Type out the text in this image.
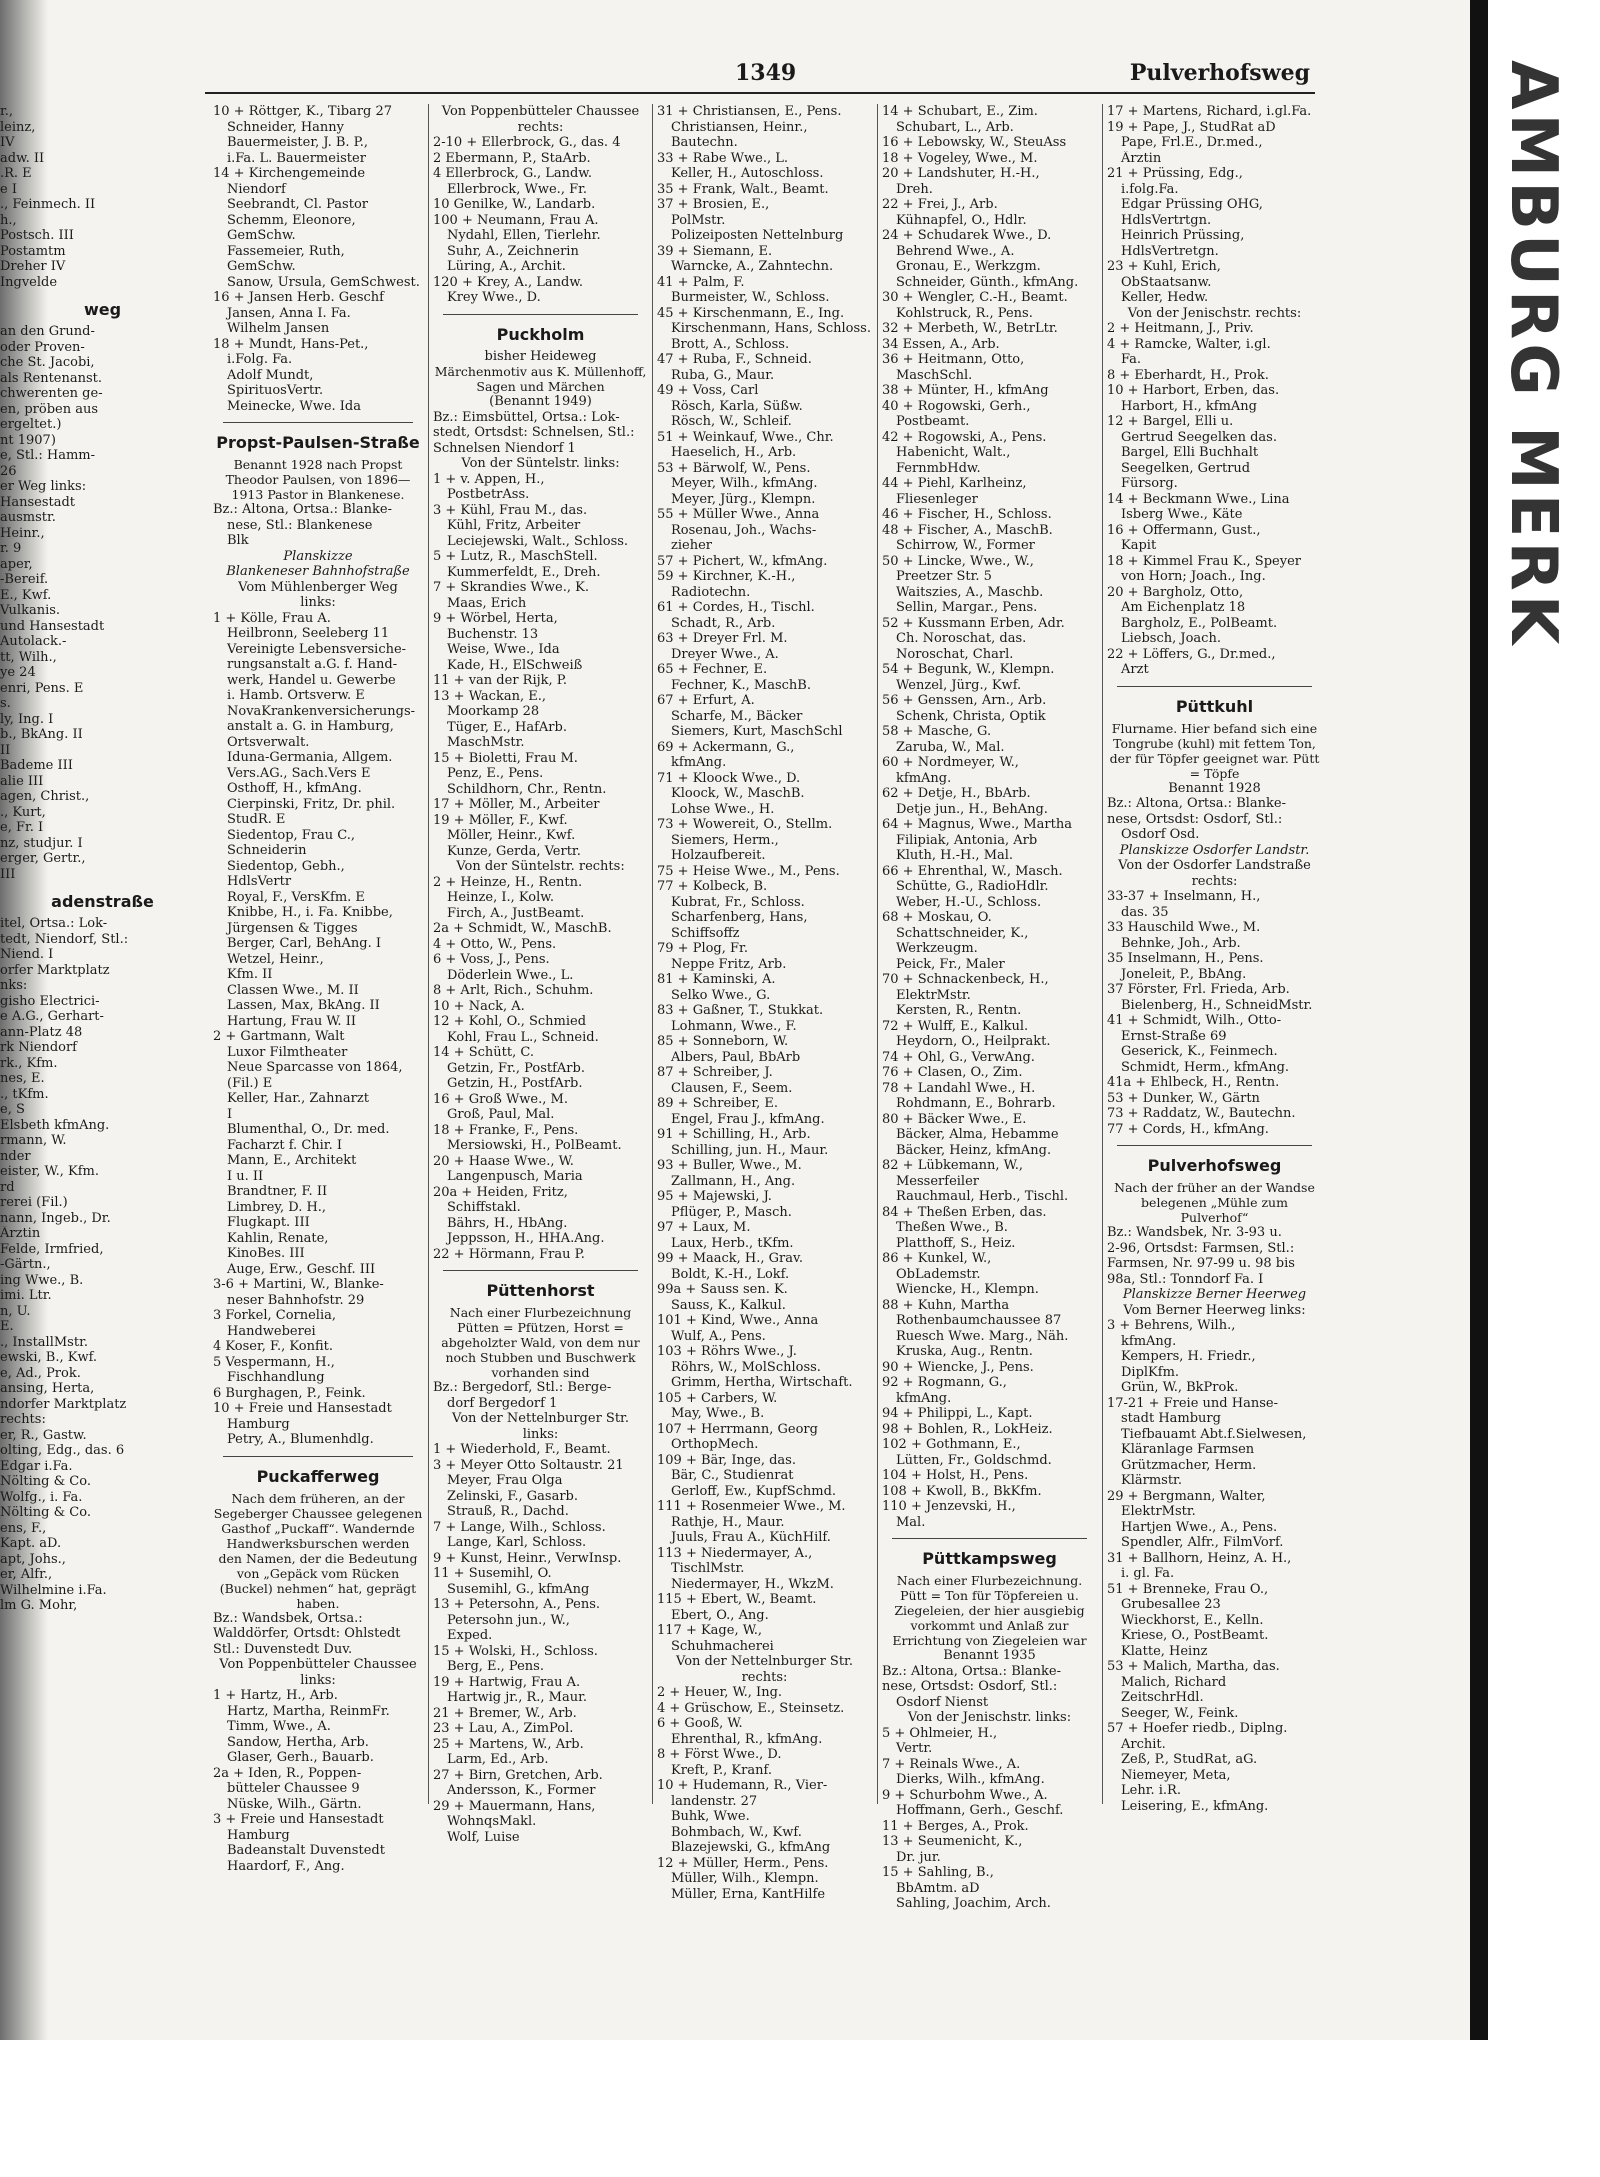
1349	Pulverhofsweg
r.,
leinz,
IV
adw. II
.R. E
e I
., Feinmech. II
h.,
Postsch. III
Postamtm
Dreher IV
Ingvelde
weg
an den Grund-
oder Proven-
che St. Jacobi,
als Rentenanst.
chwerenten ge-
en, pröben aus
ergeltet.)
nt 1907)
e, Stl.: Hamm-
26
er Weg links:
Hansestadt
ausmstr.
Heinr.,
r. 9
aper,
-Bereif.
E., Kwf.
Vulkanis.
und Hansestadt
Autolack.-
tt, Wilh.,
ye 24
enri, Pens. E
s.
ly, Ing. I
b., BkAng. II
II
Bademe III
alie III
agen, Christ.,
., Kurt,
e, Fr. I
nz, studjur. I
erger, Gertr.,
III
adenstraße
itel, Ortsa.: Lok-
tedt, Niendorf, Stl.:
Niend. I
orfer Marktplatz
nks:
gisho Electrici-
e A.G., Gerhart-
ann-Platz 48
rk Niendorf
rk., Kfm.
nes, E.
., tKfm.
e, S
Elsbeth kfmAng.
rmann, W.
nder
eister, W., Kfm.
rd
rerei (Fil.)
nann, Ingeb., Dr.
Ärztin
Felde, Irmfried,
-Gärtn.,
ing Wwe., B.
imi. Ltr.
n, U.
E.
., InstallMstr.
ewski, B., Kwf.
e, Ad., Prok.
ansing, Herta,
ndorfer Marktplatz
rechts:
er, R., Gastw.
olting, Edg., das. 6
Edgar i.Fa.
Nölting & Co.
Wolfg., i. Fa.
Nölting & Co.
ens, F.,
Kapt. aD.
apt, Johs.,
er, Alfr.,
Wilhelmine i.Fa.
lm G. Mohr,
10 + Röttger, K., Tibarg 27
Schneider, Hanny
Bauermeister, J. B. P.,
i.Fa. L. Bauermeister
14 + Kirchengemeinde
Niendorf
Seebrandt, Cl. Pastor
Schemm, Eleonore,
GemSchw.
Fassemeier, Ruth,
GemSchw.
Sanow, Ursula, GemSchwest.
16 + Jansen Herb. Geschf
Jansen, Anna I. Fa.
Wilhelm Jansen
18 + Mundt, Hans-Pet.,
i.Folg. Fa.
Adolf Mundt,
SpirituosVertr.
Meinecke, Wwe. Ida
Propst-Paulsen-Straße
Benannt 1928 nach Propst Theodor Paulsen, von 1896—1913 Pastor in Blankenese.
Bz.: Altona, Ortsa.: Blanke-
nese, Stl.: Blankenese
Blk
Planskizze
Blankeneser Bahnhofstraße
Vom Mühlenberger Weg
links:
1 + Kölle, Frau A.
Heilbronn, Seeleberg 11
Vereinigte Lebensversiche-
rungsanstalt a.G. f. Hand-
werk, Handel u. Gewerbe
i. Hamb. Ortsverw. E
NovaKrankenversicherungs-
anstalt a. G. in Hamburg,
Ortsverwalt.
Iduna-Germania, Allgem.
Vers.AG., Sach.Vers E
Osthoff, H., kfmAng.
Cierpinski, Fritz, Dr. phil.
StudR. E
Siedentop, Frau C.,
Schneiderin
Siedentop, Gebh.,
HdlsVertr
Royal, F., VersKfm. E
Knibbe, H., i. Fa. Knibbe,
Jürgensen & Tigges
Berger, Carl, BehAng. I
Wetzel, Heinr.,
Kfm. II
Classen Wwe., M. II
Lassen, Max, BkAng. II
Hartung, Frau W. II
2 + Gartmann, Walt
Luxor Filmtheater
Neue Sparcasse von 1864,
(Fil.) E
Keller, Har., Zahnarzt
I
Blumenthal, O., Dr. med.
Facharzt f. Chir. I
Mann, E., Architekt
I u. II
Brandtner, F. II
Limbrey, D. H.,
Flugkapt. III
Kahlin, Renate,
KinoBes. III
Auge, Erw., Geschf. III
3-6 + Martini, W., Blanke-
neser Bahnhofstr. 29
3 Forkel, Cornelia,
Handweberei
4 Koser, F., Konfit.
5 Vespermann, H.,
Fischhandlung
6 Burghagen, P., Feink.
10 + Freie und Hansestadt
Hamburg
Petry, A., Blumenhdlg.
Puckafferweg
Nach dem früheren, an der Segeberger Chaussee gelegenen Gasthof „Puckaff“. Wandernde Handwerksburschen werden den Namen, der die Bedeutung von „Gepäck vom Rücken (Buckel) nehmen“ hat, geprägt haben.
Bz.: Wandsbek, Ortsa.:
Walddörfer, Ortsdt: Ohlstedt
Stl.: Duvenstedt Duv.
Von Poppenbütteler Chaussee
links:
1 + Hartz, H., Arb.
Hartz, Martha, ReinmFr.
Timm, Wwe., A.
Sandow, Hertha, Arb.
Glaser, Gerh., Bauarb.
2a + Iden, R., Poppen-
bütteler Chaussee 9
Nüske, Wilh., Gärtn.
3 + Freie und Hansestadt
Hamburg
Badeanstalt Duvenstedt
Haardorf, F., Ang.
Von Poppenbütteler Chaussee
rechts:
2-10 + Ellerbrock, G., das. 4
2 Ebermann, P., StaArb.
4 Ellerbrock, G., Landw.
Ellerbrock, Wwe., Fr.
10 Genilke, W., Landarb.
100 + Neumann, Frau A.
Nydahl, Ellen, Tierlehr.
Suhr, A., Zeichnerin
Lüring, A., Archit.
120 + Krey, A., Landw.
Krey Wwe., D.
Puckholm
bisher Heideweg
Märchenmotiv aus K. Müllenhoff, Sagen und Märchen
(Benannt 1949)
Bz.: Eimsbüttel, Ortsa.: Lok-
stedt, Ortsdst: Schnelsen, Stl.:
Schnelsen Niendorf 1
Von der Süntelstr. links:
1 + v. Appen, H.,
PostbetrAss.
3 + Kühl, Frau M., das.
Kühl, Fritz, Arbeiter
Leciejewski, Walt., Schloss.
5 + Lutz, R., MaschStell.
Kummerfeldt, E., Dreh.
7 + Skrandies Wwe., K.
Maas, Erich
9 + Wörbel, Herta,
Buchenstr. 13
Weise, Wwe., Ida
Kade, H., ElSchweiß
11 + van der Rijk, P.
13 + Wackan, E.,
Moorkamp 28
Tüger, E., HafArb.
MaschMstr.
15 + Bioletti, Frau M.
Penz, E., Pens.
Schildhorn, Chr., Rentn.
17 + Möller, M., Arbeiter
19 + Möller, F., Kwf.
Möller, Heinr., Kwf.
Kunze, Gerda, Vertr.
Von der Süntelstr. rechts:
2 + Heinze, H., Rentn.
Heinze, I., Kolw.
Firch, A., JustBeamt.
2a + Schmidt, W., MaschB.
4 + Otto, W., Pens.
6 + Voss, J., Pens.
Döderlein Wwe., L.
8 + Arlt, Rich., Schuhm.
10 + Nack, A.
12 + Kohl, O., Schmied
Kohl, Frau L., Schneid.
14 + Schütt, C.
Getzin, Fr., PostfArb.
Getzin, H., PostfArb.
16 + Groß Wwe., M.
Groß, Paul, Mal.
18 + Franke, F., Pens.
Mersiowski, H., PolBeamt.
20 + Haase Wwe., W.
Langenpusch, Maria
20a + Heiden, Fritz,
Schiffstakl.
Bährs, H., HbAng.
Jeppsson, H., HHA.Ang.
22 + Hörmann, Frau P.
Püttenhorst
Nach einer Flurbezeichnung Pütten = Pfützen, Horst = abgeholzter Wald, von dem nur noch Stubben und Buschwerk vorhanden sind
Bz.: Bergedorf, Stl.: Berge-
dorf Bergedorf 1
Von der Nettelnburger Str.
links:
1 + Wiederhold, F., Beamt.
3 + Meyer Otto Soltaustr. 21
Meyer, Frau Olga
Zelinski, F., Gasarb.
Strauß, R., Dachd.
7 + Lange, Wilh., Schloss.
Lange, Karl, Schloss.
9 + Kunst, Heinr., VerwInsp.
11 + Susemihl, O.
Susemihl, G., kfmAng
13 + Petersohn, A., Pens.
Petersohn jun., W.,
Exped.
15 + Wolski, H., Schloss.
Berg, E., Pens.
19 + Hartwig, Frau A.
Hartwig jr., R., Maur.
21 + Bremer, W., Arb.
23 + Lau, A., ZimPol.
25 + Martens, W., Arb.
Larm, Ed., Arb.
27 + Birn, Gretchen, Arb.
Andersson, K., Former
29 + Mauermann, Hans,
WohnqsMakl.
Wolf, Luise
31 + Christiansen, E., Pens.
Christiansen, Heinr.,
Bautechn.
33 + Rabe Wwe., L.
Keller, H., Autoschloss.
35 + Frank, Walt., Beamt.
37 + Brosien, E.,
PolMstr.
Polizeiposten Nettelnburg
39 + Siemann, E.
Warncke, A., Zahntechn.
41 + Palm, F.
Burmeister, W., Schloss.
45 + Kirschenmann, E., Ing.
Kirschenmann, Hans, Schloss.
Brott, A., Schloss.
47 + Ruba, F., Schneid.
Ruba, G., Maur.
49 + Voss, Carl
Rösch, Karla, Süßw.
Rösch, W., Schleif.
51 + Weinkauf, Wwe., Chr.
Haeselich, H., Arb.
53 + Bärwolf, W., Pens.
Meyer, Wilh., kfmAng.
Meyer, Jürg., Klempn.
55 + Müller Wwe., Anna
Rosenau, Joh., Wachs-
zieher
57 + Pichert, W., kfmAng.
59 + Kirchner, K.-H.,
Radiotechn.
61 + Cordes, H., Tischl.
Schadt, R., Arb.
63 + Dreyer Frl. M.
Dreyer Wwe., A.
65 + Fechner, E.
Fechner, K., MaschB.
67 + Erfurt, A.
Scharfe, M., Bäcker
Siemers, Kurt, MaschSchl
69 + Ackermann, G.,
kfmAng.
71 + Kloock Wwe., D.
Kloock, W., MaschB.
Lohse Wwe., H.
73 + Wowereit, O., Stellm.
Siemers, Herm.,
Holzaufbereit.
75 + Heise Wwe., M., Pens.
77 + Kolbeck, B.
Kubrat, Fr., Schloss.
Scharfenberg, Hans,
Schiffsoffz
79 + Plog, Fr.
Neppe Fritz, Arb.
81 + Kaminski, A.
Selko Wwe., G.
83 + Gaßner, T., Stukkat.
Lohmann, Wwe., F.
85 + Sonneborn, W.
Albers, Paul, BbArb
87 + Schreiber, J.
Clausen, F., Seem.
89 + Schreiber, E.
Engel, Frau J., kfmAng.
91 + Schilling, H., Arb.
Schilling, jun. H., Maur.
93 + Buller, Wwe., M.
Zallmann, H., Ang.
95 + Majewski, J.
Pflüger, P., Masch.
97 + Laux, M.
Laux, Herb., tKfm.
99 + Maack, H., Grav.
Boldt, K.-H., Lokf.
99a + Sauss sen. K.
Sauss, K., Kalkul.
101 + Kind, Wwe., Anna
Wulf, A., Pens.
103 + Röhrs Wwe., J.
Röhrs, W., MolSchloss.
Grimm, Hertha, Wirtschaft.
105 + Carbers, W.
May, Wwe., B.
107 + Herrmann, Georg
OrthopMech.
109 + Bär, Inge, das.
Bär, C., Studienrat
Gerloff, Ew., KupfSchmd.
111 + Rosenmeier Wwe., M.
Rathje, H., Maur.
Juuls, Frau A., KüchHilf.
113 + Niedermayer, A.,
TischlMstr.
Niedermayer, H., WkzM.
115 + Ebert, W., Beamt.
Ebert, O., Ang.
117 + Kage, W.,
Schuhmacherei
Von der Nettelnburger Str.
rechts:
2 + Heuer, W., Ing.
4 + Grüschow, E., Steinsetz.
6 + Gooß, W.
Ehrenthal, R., kfmAng.
8 + Först Wwe., D.
Kreft, P., Kranf.
10 + Hudemann, R., Vier-
landenstr. 27
Buhk, Wwe.
Bohmbach, W., Kwf.
Blazejewski, G., kfmAng
12 + Müller, Herm., Pens.
Müller, Wilh., Klempn.
Müller, Erna, KantHilfe
14 + Schubart, E., Zim.
Schubart, L., Arb.
16 + Lebowsky, W., SteuAss
18 + Vogeley, Wwe., M.
20 + Landshuter, H.-H.,
Dreh.
22 + Frei, J., Arb.
Kühnapfel, O., Hdlr.
24 + Schudarek Wwe., D.
Behrend Wwe., A.
Gronau, E., Werkzgm.
Schneider, Günth., kfmAng.
30 + Wengler, C.-H., Beamt.
Kohlstruck, R., Pens.
32 + Merbeth, W., BetrLtr.
34 Essen, A., Arb.
36 + Heitmann, Otto,
MaschSchl.
38 + Münter, H., kfmAng
40 + Rogowski, Gerh.,
Postbeamt.
42 + Rogowski, A., Pens.
Habenicht, Walt.,
FernmbHdw.
44 + Piehl, Karlheinz,
Fliesenleger
46 + Fischer, H., Schloss.
48 + Fischer, A., MaschB.
Schirrow, W., Former
50 + Lincke, Wwe., W.,
Preetzer Str. 5
Waitszies, A., Maschb.
Sellin, Margar., Pens.
52 + Kussmann Erben, Adr.
Ch. Noroschat, das.
Noroschat, Charl.
54 + Begunk, W., Klempn.
Wenzel, Jürg., Kwf.
56 + Genssen, Arn., Arb.
Schenk, Christa, Optik
58 + Masche, G.
Zaruba, W., Mal.
60 + Nordmeyer, W.,
kfmAng.
62 + Detje, H., BbArb.
Detje jun., H., BehAng.
64 + Magnus, Wwe., Martha
Filipiak, Antonia, Arb
Kluth, H.-H., Mal.
66 + Ehrenthal, W., Masch.
Schütte, G., RadioHdlr.
Weber, H.-U., Schloss.
68 + Moskau, O.
Schattschneider, K.,
Werkzeugm.
Peick, Fr., Maler
70 + Schnackenbeck, H.,
ElektrMstr.
Kersten, R., Rentn.
72 + Wulff, E., Kalkul.
Heydorn, O., Heilprakt.
74 + Ohl, G., VerwAng.
76 + Clasen, O., Zim.
78 + Landahl Wwe., H.
Rohdmann, E., Bohrarb.
80 + Bäcker Wwe., E.
Bäcker, Alma, Hebamme
Bäcker, Heinz, kfmAng.
82 + Lübkemann, W.,
Messerfeiler
Rauchmaul, Herb., Tischl.
84 + Theßen Erben, das.
Theßen Wwe., B.
Platthoff, S., Heiz.
86 + Kunkel, W.,
ObLademstr.
Wiencke, H., Klempn.
88 + Kuhn, Martha
Rothenbaumchaussee 87
Ruesch Wwe. Marg., Näh.
Kruska, Aug., Rentn.
90 + Wiencke, J., Pens.
92 + Rogmann, G.,
kfmAng.
94 + Philippi, L., Kapt.
98 + Bohlen, R., LokHeiz.
102 + Gothmann, E.,
Lütten, Fr., Goldschmd.
104 + Holst, H., Pens.
108 + Kwoll, B., BkKfm.
110 + Jenzevski, H.,
Mal.
Püttkampsweg
Nach einer Flurbezeichnung. Pütt = Ton für Töpfereien u. Ziegeleien, der hier ausgiebig vorkommt und Anlaß zur Errichtung von Ziegeleien war
Benannt 1935
Bz.: Altona, Ortsa.: Blanke-
nese, Ortsdst: Osdorf, Stl.:
Osdorf Nienst
Von der Jenischstr. links:
5 + Ohlmeier, H.,
Vertr.
7 + Reinals Wwe., A.
Dierks, Wilh., kfmAng.
9 + Schurbohm Wwe., A.
Hoffmann, Gerh., Geschf.
11 + Berges, A., Prok.
13 + Seumenicht, K.,
Dr. jur.
15 + Sahling, B.,
BbAmtm. aD
Sahling, Joachim, Arch.
17 + Martens, Richard, i.gl.Fa.
19 + Pape, J., StudRat aD
Pape, Frl.E., Dr.med.,
Ärztin
21 + Prüssing, Edg.,
i.folg.Fa.
Edgar Prüssing OHG,
HdlsVertrtgn.
Heinrich Prüssing,
HdlsVertretgn.
23 + Kuhl, Erich,
ObStaatsanw.
Keller, Hedw.
Von der Jenischstr. rechts:
2 + Heitmann, J., Priv.
4 + Ramcke, Walter, i.gl.
Fa.
8 + Eberhardt, H., Prok.
10 + Harbort, Erben, das.
Harbort, H., kfmAng
12 + Bargel, Elli u.
Gertrud Seegelken das.
Bargel, Elli Buchhalt
Seegelken, Gertrud
Fürsorg.
14 + Beckmann Wwe., Lina
Isberg Wwe., Käte
16 + Offermann, Gust.,
Kapit
18 + Kimmel Frau K., Speyer
von Horn; Joach., Ing.
20 + Bargholz, Otto,
Am Eichenplatz 18
Bargholz, E., PolBeamt.
Liebsch, Joach.
22 + Löffers, G., Dr.med.,
Arzt
Püttkuhl
Flurname. Hier befand sich eine Tongrube (kuhl) mit fettem Ton, der für Töpfer geeignet war. Pütt = Töpfe
Benannt 1928
Bz.: Altona, Ortsa.: Blanke-
nese, Ortsdst: Osdorf, Stl.:
Osdorf Osd.
Planskizze Osdorfer Landstr.
Von der Osdorfer Landstraße
rechts:
33-37 + Inselmann, H.,
das. 35
33 Hauschild Wwe., M.
Behnke, Joh., Arb.
35 Inselmann, H., Pens.
Joneleit, P., BbAng.
37 Förster, Frl. Frieda, Arb.
Bielenberg, H., SchneidMstr.
41 + Schmidt, Wilh., Otto-
Ernst-Straße 69
Geserick, K., Feinmech.
Schmidt, Herm., kfmAng.
41a + Ehlbeck, H., Rentn.
53 + Dunker, W., Gärtn
73 + Raddatz, W., Bautechn.
77 + Cords, H., kfmAng.
Pulverhofsweg
Nach der früher an der Wandse belegenen „Mühle zum Pulverhof“
Bz.: Wandsbek, Nr. 3-93 u.
2-96, Ortsdst: Farmsen, Stl.:
Farmsen, Nr. 97-99 u. 98 bis
98a, Stl.: Tonndorf Fa. I
Planskizze Berner Heerweg
Vom Berner Heerweg links:
3 + Behrens, Wilh.,
kfmAng.
Kempers, H. Friedr.,
DiplKfm.
Grün, W., BkProk.
17-21 + Freie und Hanse-
stadt Hamburg
Tiefbauamt Abt.f.Sielwesen,
Kläranlage Farmsen
Grützmacher, Herm.
Klärmstr.
29 + Bergmann, Walter,
ElektrMstr.
Hartjen Wwe., A., Pens.
Spendler, Alfr., FilmVorf.
31 + Ballhorn, Heinz, A. H.,
i. gl. Fa.
51 + Brenneke, Frau O.,
Grubesallee 23
Wieckhorst, E., Kelln.
Kriese, O., PostBeamt.
Klatte, Heinz
53 + Malich, Martha, das.
Malich, Richard
ZeitschrHdl.
Seeger, W., Feink.
57 + Hoefer riedb., Diplng.
Archit.
Zeß, P., StudRat, aG.
Niemeyer, Meta,
Lehr. i.R.
Leisering, E., kfmAng.
AMBURG MERK
